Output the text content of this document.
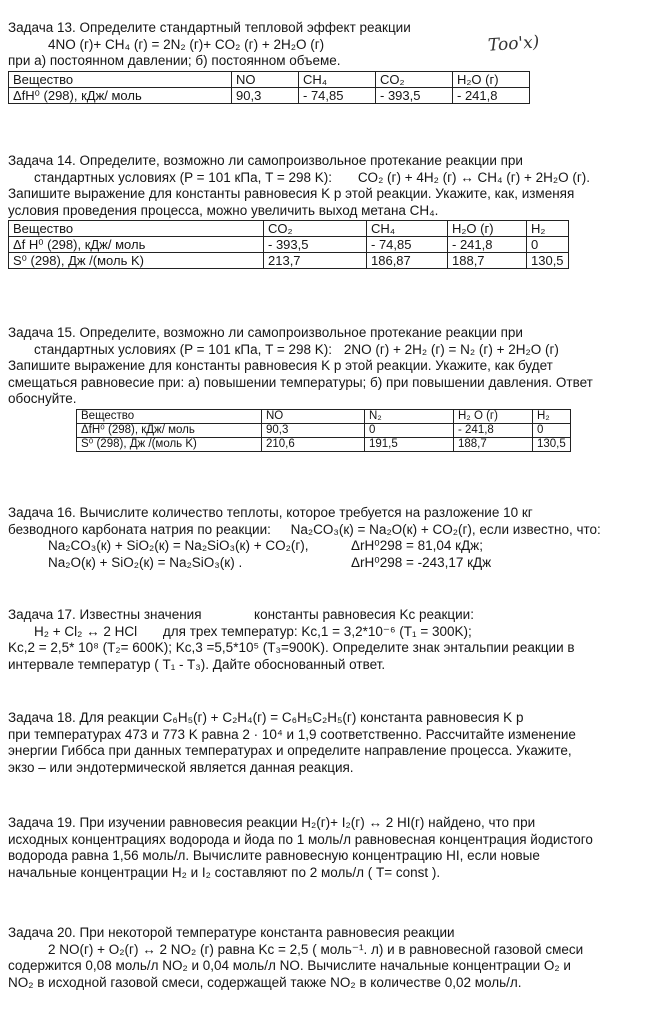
Too'x)

Задача 13. Определите стандартный тепловой эффект реакции

4NO (г)+ CH₄ (г) = 2N₂ (г)+ CO₂ (г) + 2H₂O (г)

при а) постоянном давлении; б) постоянном объеме.

Вещество	NO	CH₄	CO₂	H₂O (г)
ΔfH⁰ (298), кДж/ моль	90,3	- 74,85	- 393,5	- 241,8

Задача 14. Определите, возможно ли самопроизвольное протекание реакции при

стандартных условиях (P = 101 кПа, T = 298 K): CO₂ (г) + 4H₂ (г) ↔ CH₄ (г) + 2H₂O (г).

Запишите выражение для константы равновесия K p этой реакции. Укажите, как, изменяя

условия проведения процесса, можно увеличить выход метана CH₄.

Вещество	CO₂	CH₄	H₂O (г)	H₂
Δf H⁰ (298), кДж/ моль	- 393,5	- 74,85	- 241,8	0
S⁰ (298), Дж /(моль K)	213,7	186,87	188,7	130,5

Задача 15. Определите, возможно ли самопроизвольное протекание реакции при

стандартных условиях (P = 101 кПа, T = 298 K): 2NO (г) + 2H₂ (г) = N₂ (г) + 2H₂O (г)

Запишите выражение для константы равновесия K p этой реакции. Укажите, как будет

смещаться равновесие при: а) повышении температуры; б) при повышении давления. Ответ

обоснуйте.

Вещество	NO	N₂	H₂ O (г)	H₂
ΔfH⁰ (298), кДж/ моль	90,3	0	- 241,8	0
S⁰ (298), Дж /(моль K)	210,6	191,5	188,7	130,5

Задача 16. Вычислите количество теплоты, которое требуется на разложение 10 кг

безводного карбоната натрия по реакции: Na₂CO₃(к) = Na₂O(к) + CO₂(г), если известно, что:

Na₂CO₃(к) + SiO₂(к) = Na₂SiO₃(к) + CO₂(г),	ΔrH⁰298 = 81,04 кДж;

Na₂O(к) + SiO₂(к) = Na₂SiO₃(к) .	ΔrH⁰298 = -243,17 кДж

Задача 17. Известны значения              константы равновесия Kc реакции:

H₂ + Cl₂ ↔ 2 HCl для трех температур: Kc,1 = 3,2*10⁻⁶ (T₁ = 300K);

Kc,2 = 2,5* 10⁸ (T₂= 600K); Kc,3 =5,5*10⁵ (T₃=900K). Определите знак энтальпии реакции в

интервале температур ( T₁ - T₃). Дайте обоснованный ответ.

Задача 18. Для реакции C₆H₅(г) + C₂H₄(г) = C₆H₅C₂H₅(г) константа равновесия K p

при температурах 473 и 773 K равна 2 · 10⁴ и 1,9 соответственно. Рассчитайте изменение

энергии Гиббса при данных температурах и определите направление процесса. Укажите,

экзо – или эндотермической является данная реакция.

Задача 19. При изучении равновесия реакции H₂(г)+ I₂(г) ↔ 2 HI(г) найдено, что при

исходных концентрациях водорода и йода по 1 моль/л равновесная концентрация йодистого

водорода равна 1,56 моль/л. Вычислите равновесную концентрацию HI, если новые

начальные концентрации H₂ и I₂ составляют по 2 моль/л ( T= const ).

Задача 20. При некоторой температуре константа равновесия реакции

2 NO(г) + O₂(г) ↔ 2 NO₂ (г) равна Kc = 2,5 ( моль⁻¹. л) и в равновесной газовой смеси

содержится 0,08 моль/л NO₂ и 0,04 моль/л NO. Вычислите начальные концентрации O₂ и

NO₂ в исходной газовой смеси, содержащей также NO₂ в количестве 0,02 моль/л.
